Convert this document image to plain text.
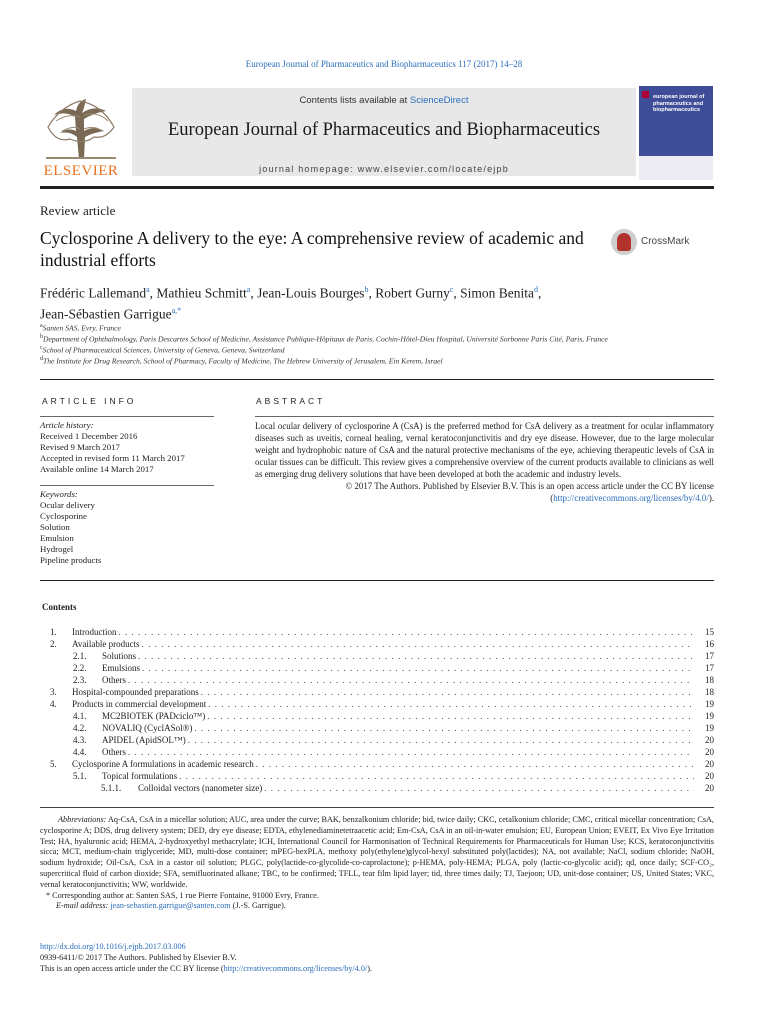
European Journal of Pharmaceutics and Biopharmaceutics 117 (2017) 14–28
ELSEVIER
Contents lists available at ScienceDirect
European Journal of Pharmaceutics and Biopharmaceutics
journal homepage: www.elsevier.com/locate/ejpb
european journal of pharmaceutics and biopharmaceutics
Review article
Cyclosporine A delivery to the eye: A comprehensive review of academic and industrial efforts
CrossMark
Frédéric Lallemand$^a$, Mathieu Schmitt$^a$, Jean-Louis Bourges$^b$, Robert Gurny$^c$, Simon Benita$^d$,
Jean-Sébastien Garrigue$^{a,*}$
$^a$Santen SAS, Evry, France
$^b$Department of Ophthalmology, Paris Descartes School of Medicine, Assistance Publique-Hôpitaux de Paris, Cochin-Hôtel-Dieu Hospital, Université Sorbonne Paris Cité, Paris, France
$^c$School of Pharmaceutical Sciences, University of Geneva, Geneva, Switzerland
$^d$The Institute for Drug Research, School of Pharmacy, Faculty of Medicine, The Hebrew University of Jerusalem, Ein Kerem, Israel
ARTICLE INFO	ABSTRACT
Article history:
Received 1 December 2016
Revised 9 March 2017
Accepted in revised form 11 March 2017
Available online 14 March 2017
Keywords:
Ocular delivery
Cyclosporine
Solution
Emulsion
Hydrogel
Pipeline products

Local ocular delivery of cyclosporine A (CsA) is the preferred method for CsA delivery as a treatment for ocular inflammatory diseases such as uveitis, corneal healing, vernal keratoconjunctivitis and dry eye disease. However, due to the large molecular weight and hydrophobic nature of CsA and the natural protective mechanisms of the eye, achieving therapeutic levels of CsA in ocular tissues can be difficult. This review gives a comprehensive overview of the current products available to clinicians as well as emerging drug delivery solutions that have been developed at both the academic and industry levels.

© 2017 The Authors. Published by Elsevier B.V. This is an open access article under the CC BY license (http://creativecommons.org/licenses/by/4.0/).

Contents
1.	Introduction . . .	15
2.	Available products . . .	16
2.1.	Solutions . . .	17
2.2.	Emulsions . . .	17
2.3.	Others . . .	18
3.	Hospital-compounded preparations . . .	18
4.	Products in commercial development . . .	19
4.1.	MC2BIOTEK (PADciclo™) . . .	19
4.2.	NOVALIQ (CyclASol®) . . .	19
4.3.	APIDEL (ApidSOL™) . . .	20
4.4.	Others . . .	20
5.	Cyclosporine A formulations in academic research . . .	20
5.1.	Topical formulations . . .	20
5.1.1.	Colloidal vectors (nanometer size) . . .	20

Abbreviations: Aq-CsA, CsA in a micellar solution; AUC, area under the curve; BAK, benzalkonium chloride; bid, twice daily; CKC, cetalkonium chloride; CMC, critical micellar concentration; CsA, cyclosporine A; DDS, drug delivery system; DED, dry eye disease; EDTA, ethylenediaminetetraacetic acid; Em-CsA, CsA in an oil-in-water emulsion; EU, European Union; EVEIT, Ex Vivo Eye Irritation Test; HA, hyaluronic acid; HEMA, 2-hydroxyethyl methacrylate; ICH, International Council for Harmonisation of Technical Requirements for Pharmaceuticals for Human Use; KCS, keratoconjunctivitis sicca; MCT, medium-chain triglyceride; MD, multi-dose container; mPEG-hexPLA, methoxy poly(ethylene)glycol-hexyl substituted poly(lactides); NA, not available; NaCl, sodium chloride; NaOH, sodium hydroxide; Oil-CsA, CsA in a castor oil solution; PLGC, poly(lactide-co-glycolide-co-caprolactone); p-HEMA, poly-HEMA; PLGA, poly (lactic-co-glycolic acid); qd, once daily; SCF-CO₂, supercritical fluid of carbon dioxide; SFA, semifluorinated alkane; TBC, to be confirmed; TFLL, tear film lipid layer; tid, three times daily; TJ, Taejoon; UD, unit-dose container; US, United States; VKC, vernal keratoconjunctivitis; WW, worldwide.

* Corresponding author at: Santen SAS, 1 rue Pierre Fontaine, 91000 Evry, France.

E-mail address: jean-sebastien.garrigue@santen.com (J.-S. Garrigue).

http://dx.doi.org/10.1016/j.ejpb.2017.03.006

0939-6411/© 2017 The Authors. Published by Elsevier B.V.

This is an open access article under the CC BY license (http://creativecommons.org/licenses/by/4.0/).
